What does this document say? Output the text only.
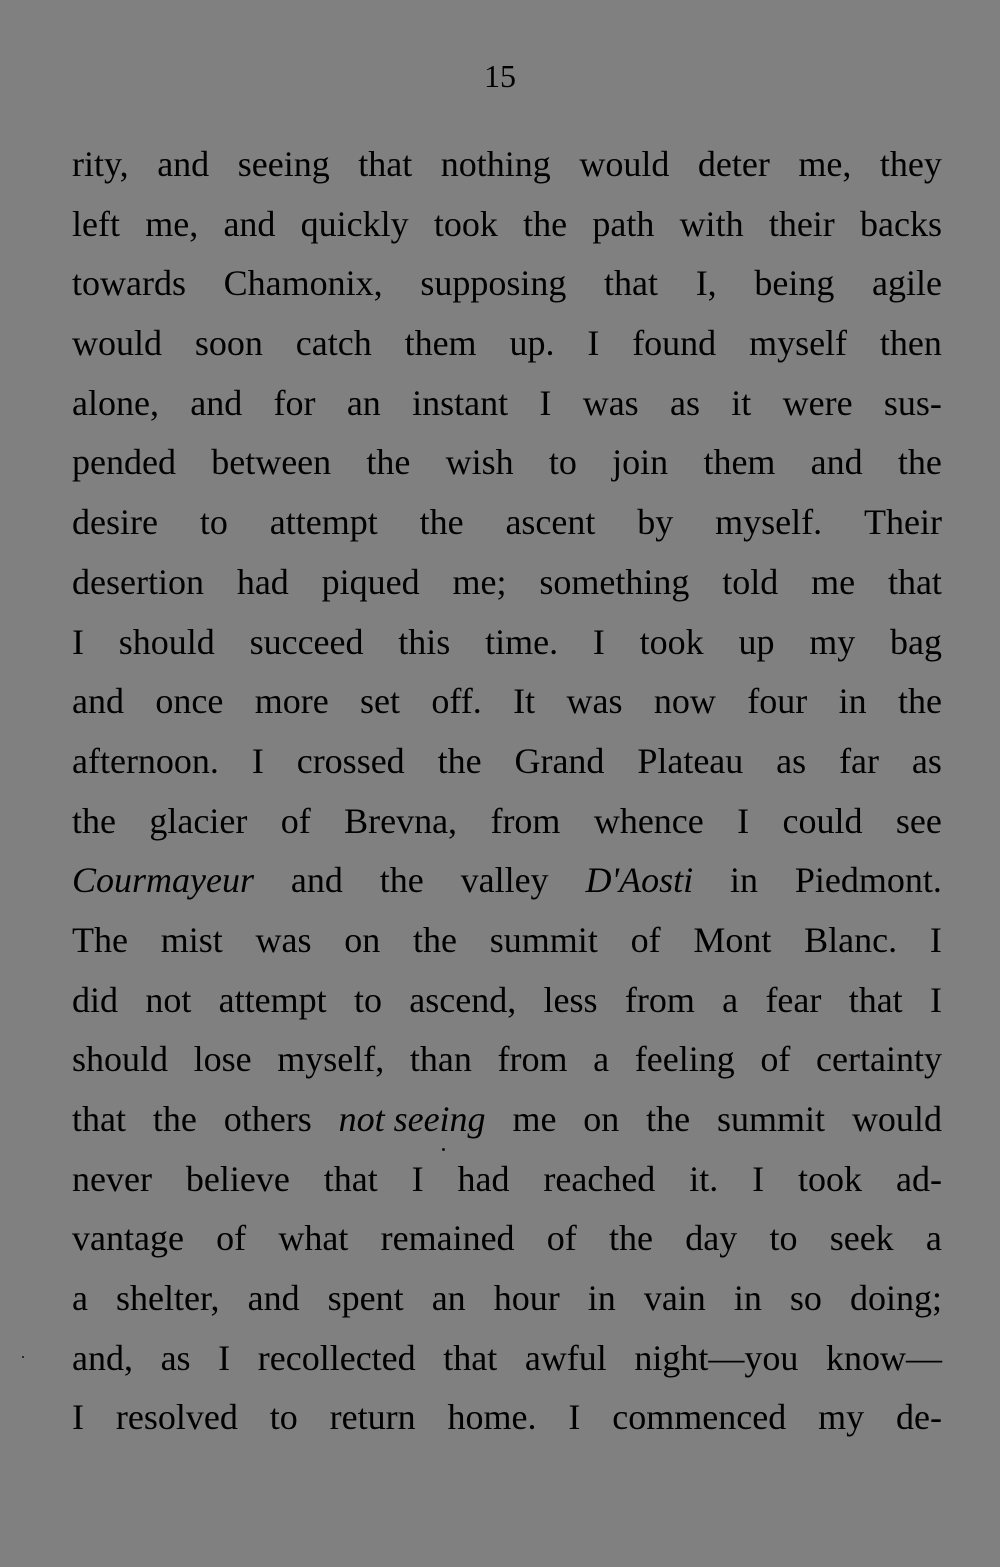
15
rity, and seeing that nothing would deter me, they
left me, and quickly took the path with their backs
towards Chamonix, supposing that I, being agile
would soon catch them up. I found myself then
alone, and for an instant I was as it were sus-
pended between the wish to join them and the
desire to attempt the ascent by myself. Their
desertion had piqued me; something told me that
I should succeed this time. I took up my bag
and once more set off. It was now four in the
afternoon. I crossed the Grand Plateau as far as
the glacier of Brevna, from whence I could see
Courmayeur and the valley D'Aosti in Piedmont.
The mist was on the summit of Mont Blanc. I
did not attempt to ascend, less from a fear that I
should lose myself, than from a feeling of certainty
that the others not seeing me on the summit would
never believe that I had reached it. I took ad-
vantage of what remained of the day to seek a
a shelter, and spent an hour in vain in so doing;
and, as I recollected that awful night—you know—
I resolved to return home. I commenced my de-
